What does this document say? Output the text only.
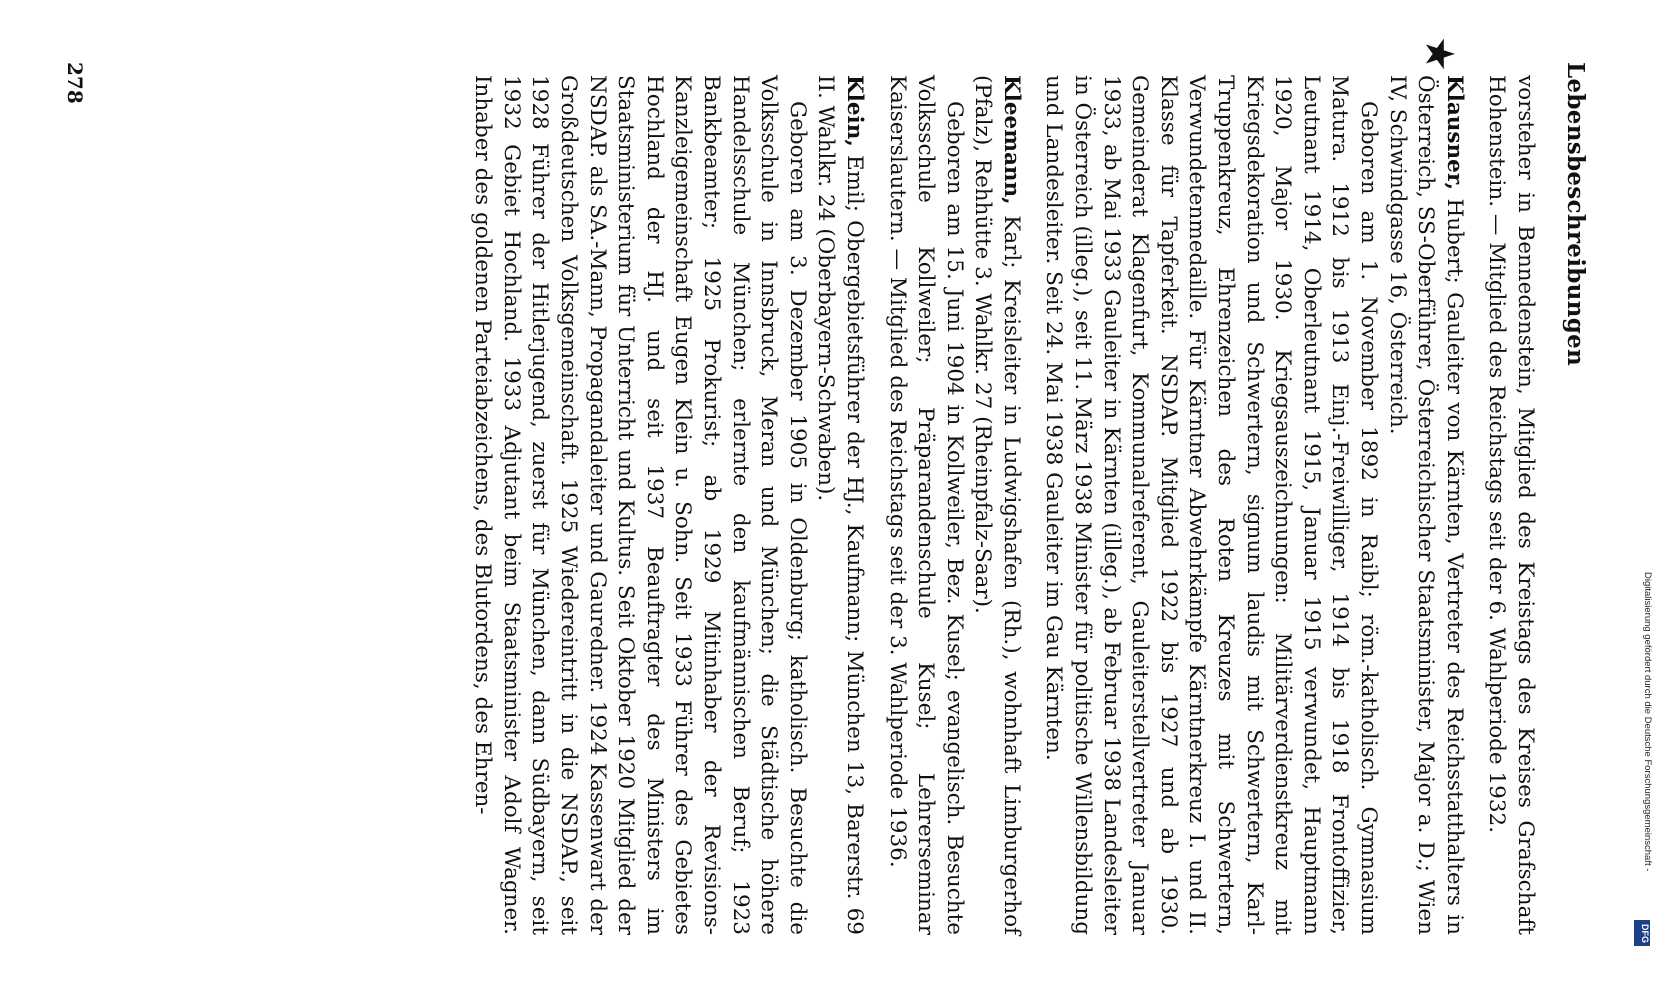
Lebensbeschreibungen
★

vorsteher in Bennedenstein, Mitglied des Kreistags des Kreises Grafschaft Hohenstein. — Mitglied des Reichstags seit der 6. Wahlperiode 1932.

Klausner, Hubert; Gauleiter von Kärnten, Vertreter des Reichsstatthalters in Österreich, SS-Oberführer, Österreichischer Staatsminister, Major a. D.; Wien IV, Schwindgasse 16, Österreich.

Geboren am 1. November 1892 in Raibl; röm.-katholisch. Gymnasium Matura. 1912 bis 1913 Einj.-Freiwilliger, 1914 bis 1918 Frontoffizier, Leutnant 1914, Oberleutnant 1915, Januar 1915 verwundet, Hauptmann 1920, Major 1930. Kriegsauszeichnungen: Militärverdienstkreuz mit Kriegsdekoration und Schwertern, signum laudis mit Schwertern, Karl-Truppenkreuz, Ehrenzeichen des Roten Kreuzes mit Schwertern, Verwundetenmedaille. Für Kärntner Abwehrkämpfe Kärntnerkreuz I. und II. Klasse für Tapferkeit. NSDAP. Mitglied 1922 bis 1927 und ab 1930. Gemeinderat Klagenfurt, Kommunalreferent, Gauleiterstellvertreter Januar 1933, ab Mai 1933 Gauleiter in Kärnten (illeg.), ab Februar 1938 Landesleiter in Österreich (illeg.), seit 11. März 1938 Minister für politische Willensbildung und Landesleiter. Seit 24. Mai 1938 Gauleiter im Gau Kärnten.

Kleemann, Karl; Kreisleiter in Ludwigshafen (Rh.), wohnhaft Limburgerhof (Pfalz), Rehhütte 3. Wahlkr. 27 (Rheinpfalz-Saar).

Geboren am 15. Juni 1904 in Kollweiler, Bez. Kusel; evangelisch. Besuchte Volksschule Kollweiler; Präparandenschule Kusel; Lehrerseminar Kaiserslautern. — Mitglied des Reichstags seit der 3. Wahlperiode 1936.

Klein, Emil; Obergebietsführer der HJ., Kaufmann; München 13, Barerstr. 69 II. Wahlkr. 24 (Oberbayern-Schwaben).

Geboren am 3. Dezember 1905 in Oldenburg; katholisch. Besuchte die Volksschule in Innsbruck, Meran und München; die Städtische höhere Handelsschule München; erlernte den kaufmännischen Beruf; 1923 Bankbeamter; 1925 Prokurist; ab 1929 Mitinhaber der Revisions-Kanzleigemeinschaft Eugen Klein u. Sohn. Seit 1933 Führer des Gebietes Hochland der HJ. und seit 1937 Beauftragter des Ministers im Staatsministerium für Unterricht und Kultus. Seit Oktober 1920 Mitglied der NSDAP. als SA.-Mann, Propagandaleiter und Gauredner. 1924 Kassenwart der Großdeutschen Volksgemeinschaft. 1925 Wiedereintritt in die NSDAP., seit 1928 Führer der Hitlerjugend, zuerst für München, dann Südbayern, seit 1932 Gebiet Hochland. 1933 Adjutant beim Staatsminister Adolf Wagner. Inhaber des goldenen Parteiabzeichens, des Blutordens, des Ehren-

278
Digitalisierung gefördert durch die Deutsche Forschungsgemeinschaft -
DFG
